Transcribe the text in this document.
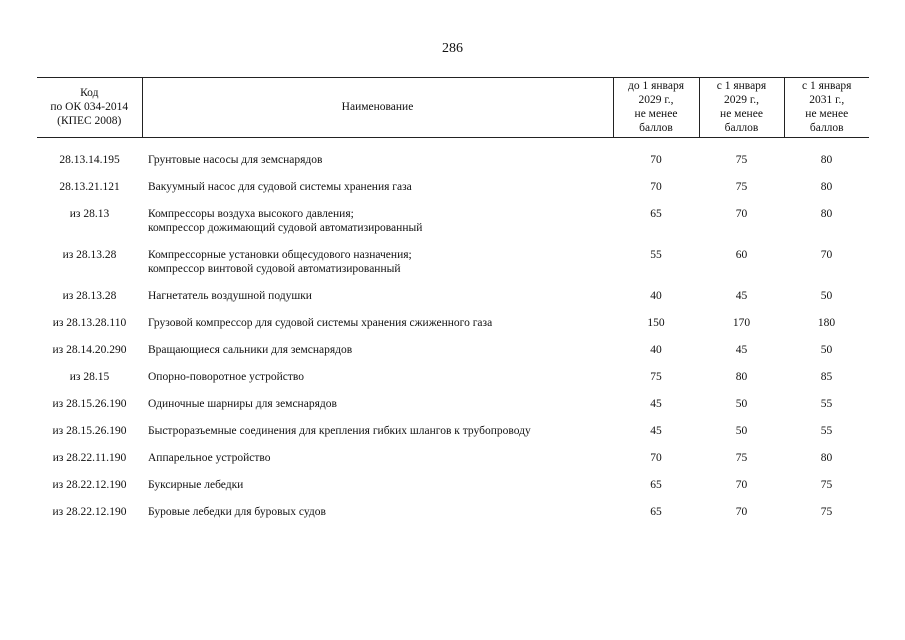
286
Код
по ОК 034-2014
(КПЕС 2008)	Наименование	до 1 января
2029 г.,
не менее
баллов	с 1 января
2029 г.,
не менее
баллов	с 1 января
2031 г.,
не менее
баллов

28.13.14.195	Грунтовые насосы для земснарядов	70	75	80
28.13.21.121	Вакуумный насос для судовой системы хранения газа	70	75	80
из 28.13	Компрессоры воздуха высокого давления;
компрессор дожимающий судовой автоматизированный	65	70	80
из 28.13.28	Компрессорные установки общесудового назначения;
компрессор винтовой судовой автоматизированный	55	60	70
из 28.13.28	Нагнетатель воздушной подушки	40	45	50
из 28.13.28.110	Грузовой компрессор для судовой системы хранения сжиженного газа	150	170	180
из 28.14.20.290	Вращающиеся сальники для земснарядов	40	45	50
из 28.15	Опорно-поворотное устройство	75	80	85
из 28.15.26.190	Одиночные шарниры для земснарядов	45	50	55
из 28.15.26.190	Быстроразъемные соединения для крепления гибких шлангов к трубопроводу	45	50	55
из 28.22.11.190	Аппарельное устройство	70	75	80
из 28.22.12.190	Буксирные лебедки	65	70	75
из 28.22.12.190	Буровые лебедки для буровых судов	65	70	75
